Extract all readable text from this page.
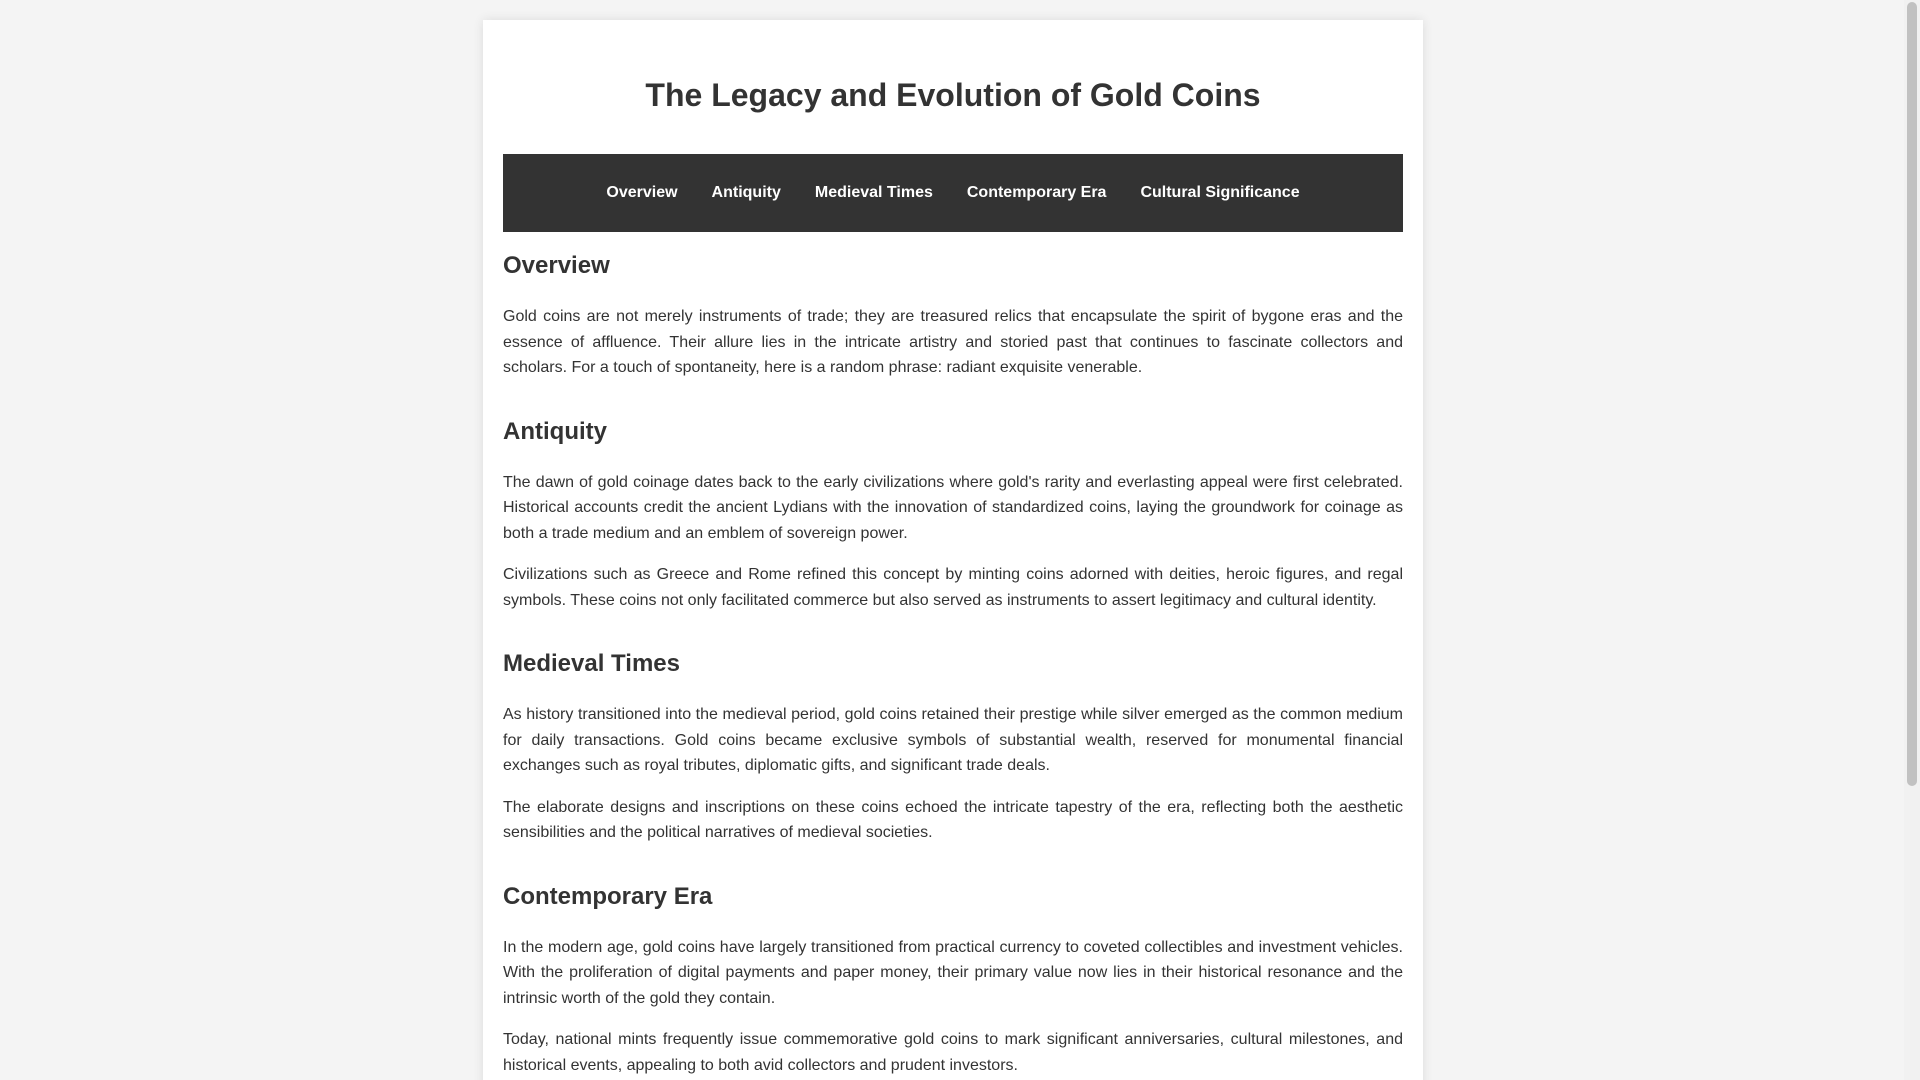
The Legacy and Evolution of Gold Coins
Overview	Antiquity	Medieval Times	Contemporary Era	Cultural Significance
Overview

Gold coins are not merely instruments of trade; they are treasured relics that encapsulate the spirit of bygone eras and the essence of affluence. Their allure lies in the intricate artistry and storied past that continues to fascinate collectors and scholars. For a touch of spontaneity, here is a random phrase: radiant exquisite venerable.

Antiquity

The dawn of gold coinage dates back to the early civilizations where gold's rarity and everlasting appeal were first celebrated. Historical accounts credit the ancient Lydians with the innovation of standardized coins, laying the groundwork for coinage as both a trade medium and an emblem of sovereign power.

Civilizations such as Greece and Rome refined this concept by minting coins adorned with deities, heroic figures, and regal symbols. These coins not only facilitated commerce but also served as instruments to assert legitimacy and cultural identity.

Medieval Times

As history transitioned into the medieval period, gold coins retained their prestige while silver emerged as the common medium for daily transactions. Gold coins became exclusive symbols of substantial wealth, reserved for monumental financial exchanges such as royal tributes, diplomatic gifts, and significant trade deals.

The elaborate designs and inscriptions on these coins echoed the intricate tapestry of the era, reflecting both the aesthetic sensibilities and the political narratives of medieval societies.

Contemporary Era

In the modern age, gold coins have largely transitioned from practical currency to coveted collectibles and investment vehicles. With the proliferation of digital payments and paper money, their primary value now lies in their historical resonance and the intrinsic worth of the gold they contain.

Today, national mints frequently issue commemorative gold coins to mark significant anniversaries, cultural milestones, and historical events, appealing to both avid collectors and prudent investors.
